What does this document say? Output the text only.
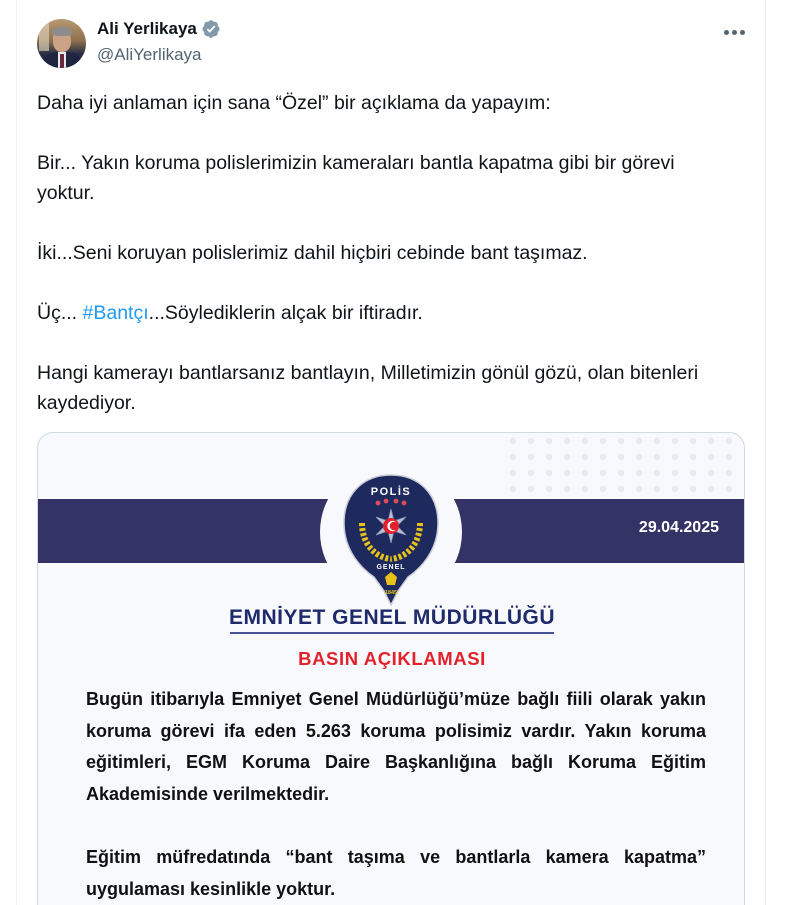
Ali Yerlikaya
@AliYerlikaya

Daha iyi anlaman için sana “Özel” bir açıklama da yapayım:

Bir... Yakın koruma polislerimizin kameraları bantla kapatma gibi bir görevi yoktur.

İki...Seni koruyan polislerimiz dahil hiçbiri cebinde bant taşımaz.

Üç... #Bantçı...Söylediklerin alçak bir iftiradır.

Hangi kamerayı bantlarsanız bantlayın, Milletimizin gönül gözü, olan bitenleri kaydediyor.

29.04.2025
POLİS
GENEL
1845
EMNİYET GENEL MÜDÜRLÜĞÜ
BASIN AÇIKLAMASI

Bugün itibarıyla Emniyet Genel Müdürlüğü’müze bağlı fiili olarak yakın koruma görevi ifa eden 5.263 koruma polisimiz vardır. Yakın koruma eğitimleri, EGM Koruma Daire Başkanlığına bağlı Koruma Eğitim Akademisinde verilmektedir.

Eğitim müfredatında “bant taşıma ve bantlarla kamera kapatma” uygulaması kesinlikle yoktur.
